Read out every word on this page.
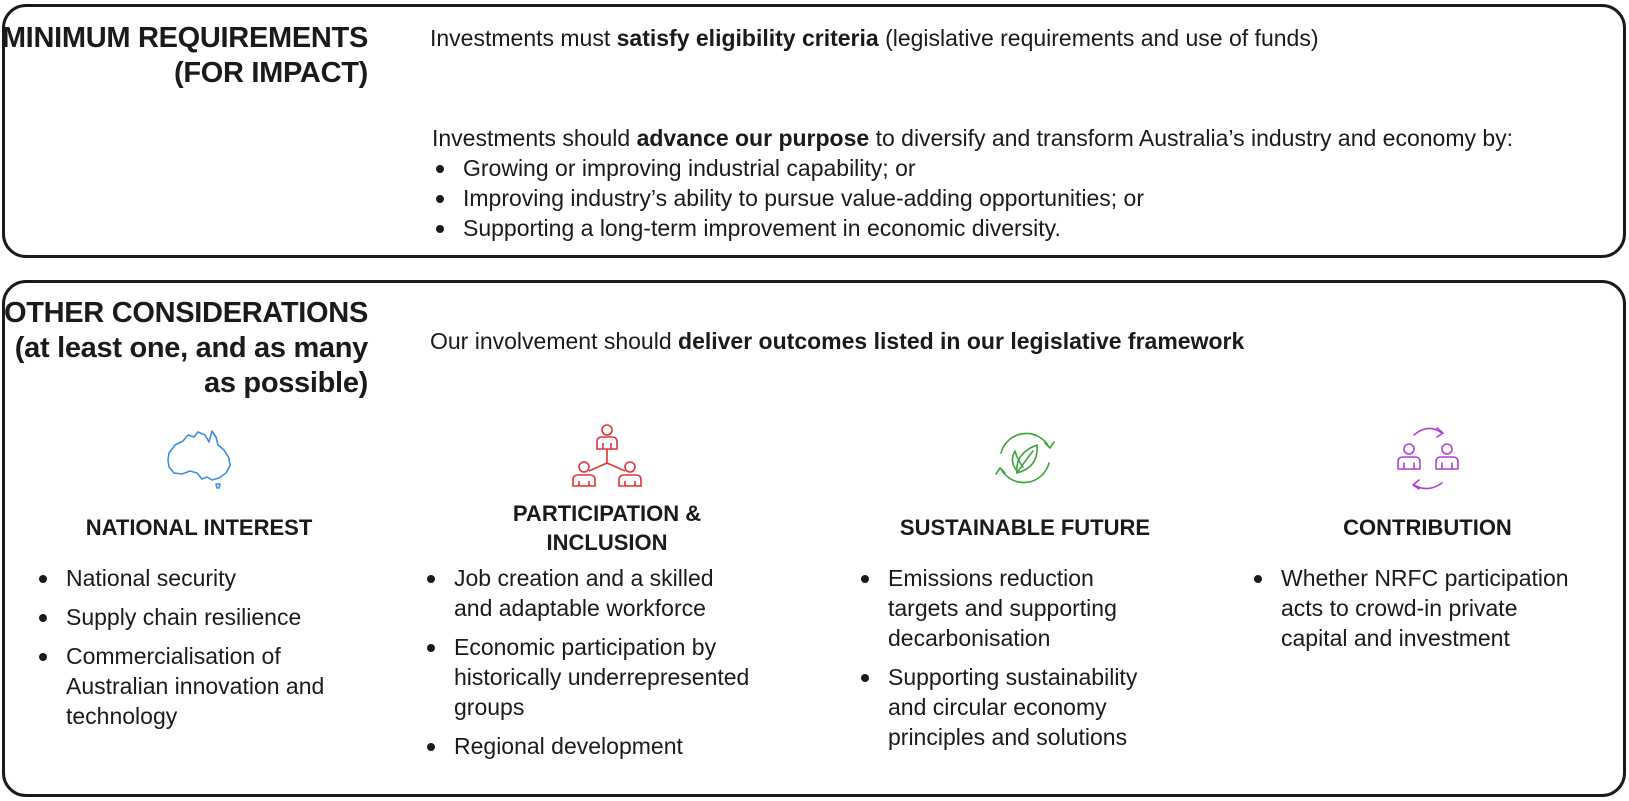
MINIMUM REQUIREMENTS
(FOR IMPACT)
Investments must satisfy eligibility criteria (legislative requirements and use of funds)
Investments should advance our purpose to diversify and transform Australia’s industry and economy by:
Growing or improving industrial capability; or
Improving industry’s ability to pursue value-adding opportunities; or
Supporting a long-term improvement in economic diversity.
OTHER CONSIDERATIONS
(at least one, and as many
as possible)
Our involvement should deliver outcomes listed in our legislative framework
NATIONAL INTEREST
National security
Supply chain resilience
Commercialisation of
Australian innovation and
technology
PARTICIPATION &
INCLUSION
Job creation and a skilled
and adaptable workforce
Economic participation by
historically underrepresented
groups
Regional development
SUSTAINABLE FUTURE
Emissions reduction
targets and supporting
decarbonisation
Supporting sustainability
and circular economy
principles and solutions
CONTRIBUTION
Whether NRFC participation
acts to crowd-in private
capital and investment
